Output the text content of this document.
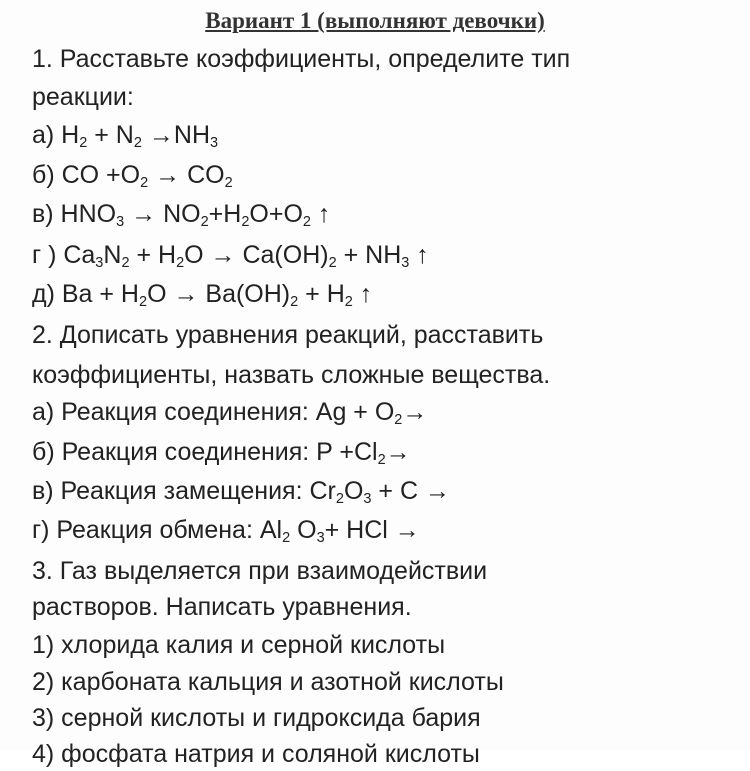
Вариант 1 (выполняют девочки)
1. Расставьте коэффициенты, определите тип
реакции:
а) $H_2 + N_2 \to NH_3$
б) CO $+O_2 \to CO_2$
в) $HNO_3 \to NO_2+H_2O+O_2$ ↑
г ) $Ca_3N_2 + H_2O \to Ca(OH)_2 + NH_3$ ↑
д) $Ba + H_2O \to Ba(OH)_2 + H_2$ ↑
2. Дописать уравнения реакций, расставить
коэффициенты, назвать сложные вещества.
а) Реакция соединения: $Ag + O_2\to$
б) Реакция соединения: $P +Cl_2\to$
в) Реакция замещения: $Cr_2O_3 + C$ →
г) Реакция обмена: $Al_2$ $O_3+$ HCl →
3. Газ выделяется при взаимодействии
растворов. Написать уравнения.
1) хлорида калия и серной кислоты
2) карбоната кальция и азотной кислоты
3) серной кислоты и гидроксида бария
4) фосфата натрия и соляной кислоты
